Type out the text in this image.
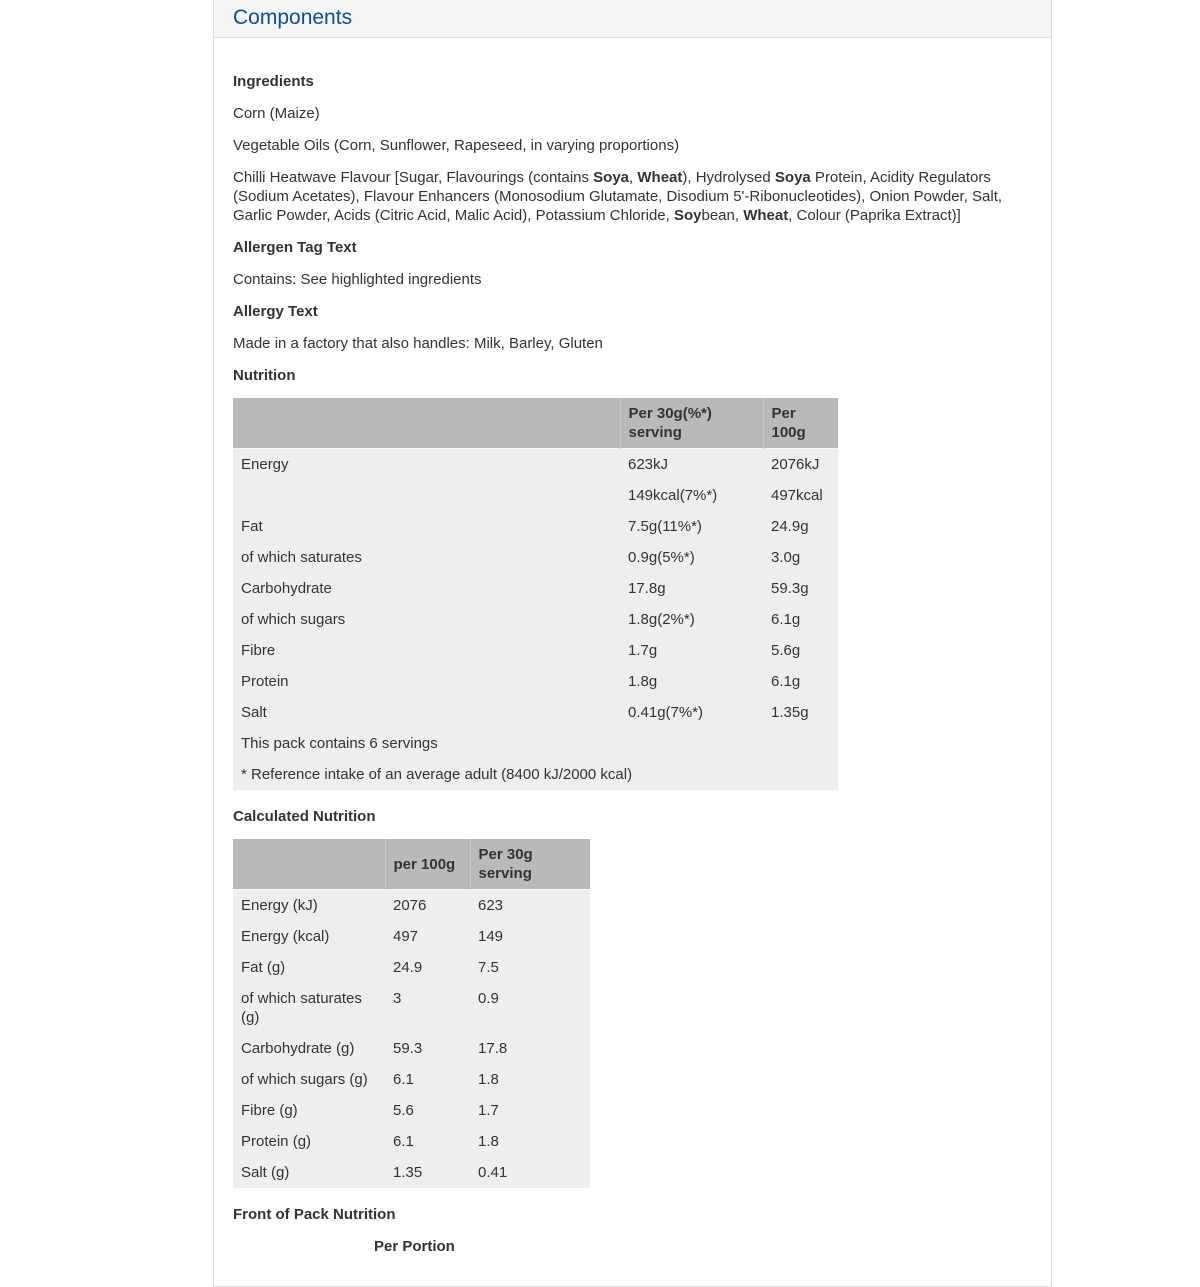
Components
Ingredients

Corn (Maize)

Vegetable Oils (Corn, Sunflower, Rapeseed, in varying proportions)

Chilli Heatwave Flavour [Sugar, Flavourings (contains Soya, Wheat), Hydrolysed Soya Protein, Acidity Regulators (Sodium Acetates), Flavour Enhancers (Monosodium Glutamate, Disodium 5'-Ribonucleotides), Onion Powder, Salt, Garlic Powder, Acids (Citric Acid, Malic Acid), Potassium Chloride, Soybean, Wheat, Colour (Paprika Extract)]

Allergen Tag Text

Contains: See highlighted ingredients

Allergy Text

Made in a factory that also handles: Milk, Barley, Gluten

Nutrition
	Per 30g(%*) serving	Per 100g
Energy	623kJ	2076kJ
	149kcal(7%*)	497kcal
Fat	7.5g(11%*)	24.9g
of which saturates	0.9g(5%*)	3.0g
Carbohydrate	17.8g	59.3g
of which sugars	1.8g(2%*)	6.1g
Fibre	1.7g	5.6g
Protein	1.8g	6.1g
Salt	0.41g(7%*)	1.35g
This pack contains 6 servings		
* Reference intake of an average adult (8400 kJ/2000 kcal)		
Calculated Nutrition
	per 100g	Per 30g serving
Energy (kJ)	2076	623
Energy (kcal)	497	149
Fat (g)	24.9	7.5
of which saturates (g)	3	0.9
Carbohydrate (g)	59.3	17.8
of which sugars (g)	6.1	1.8
Fibre (g)	5.6	1.7
Protein (g)	6.1	1.8
Salt (g)	1.35	0.41
Front of Pack Nutrition
Per Portion
